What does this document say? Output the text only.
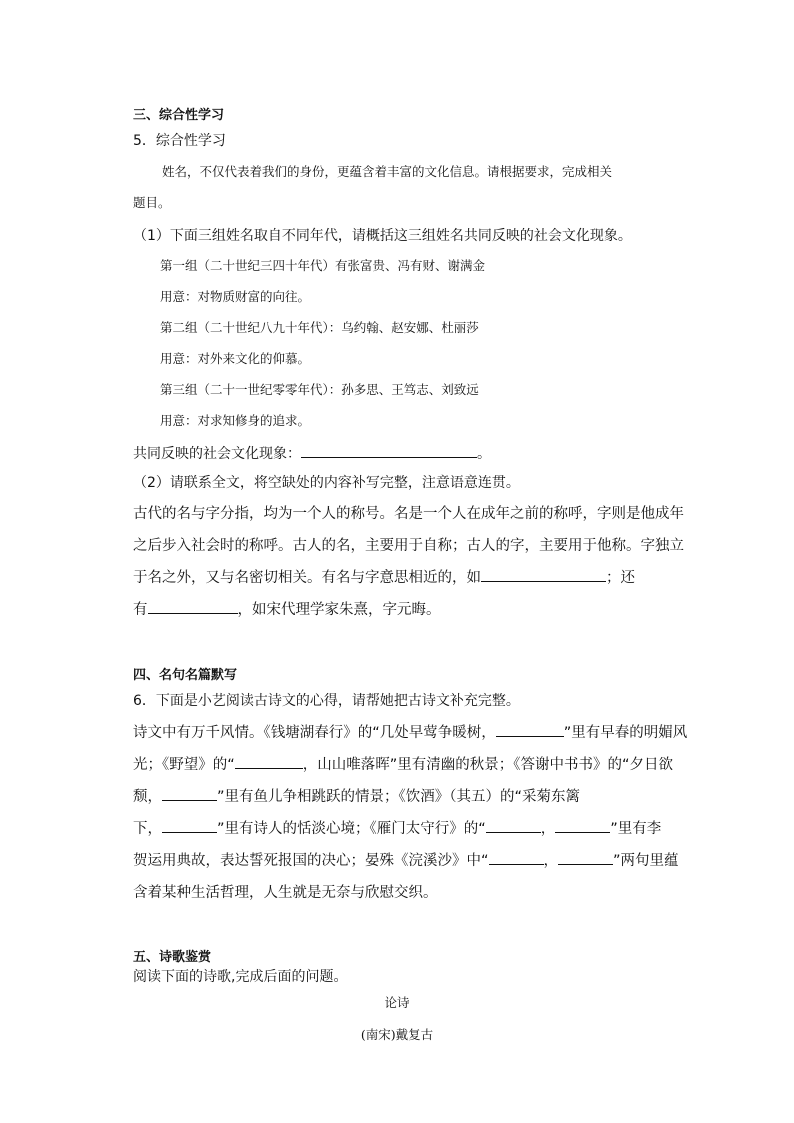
三、综合性学习
5．综合性学习
姓名，不仅代表着我们的身份，更蕴含着丰富的文化信息。请根据要求，完成相关
题目。
（1）下面三组姓名取自不同年代，请概括这三组姓名共同反映的社会文化现象。
第一组（二十世纪三四十年代）有张富贵、冯有财、谢满金
用意：对物质财富的向往。
第二组（二十世纪八九十年代）：乌约翰、赵安娜、杜丽莎
用意：对外来文化的仰慕。
第三组（二十一世纪零零年代）：孙多思、王笃志、刘致远
用意：对求知修身的追求。
共同反映的社会文化现象：	。
（2）请联系全文，将空缺处的内容补写完整，注意语意连贯。
古代的名与字分指，均为一个人的称号。名是一个人在成年之前的称呼，字则是他成年
之后步入社会时的称呼。古人的名，主要用于自称；古人的字，主要用于他称。字独立
于名之外，又与名密切相关。有名与字意思相近的，如	；还
有	，如宋代理学家朱熹，字元晦。
四、名句名篇默写
6．下面是小艺阅读古诗文的心得，请帮她把古诗文补充完整。
诗文中有万千风情。《钱塘湖春行》的“几处早莺争暖树，	”里有早春的明媚风
光；《野望》的“	，山山唯落晖”里有清幽的秋景；《答谢中书书》的“夕日欲
颓，	”里有鱼儿争相跳跃的情景；《饮酒》（其五）的“采菊东篱
下，	”里有诗人的恬淡心境；《雁门太守行》的“	，	”里有李
贺运用典故，表达誓死报国的决心；晏殊《浣溪沙》中“	，	”两句里蕴
含着某种生活哲理，人生就是无奈与欣慰交织。
五、诗歌鉴赏
阅读下面的诗歌,完成后面的问题。
论诗
(南宋)戴复古
